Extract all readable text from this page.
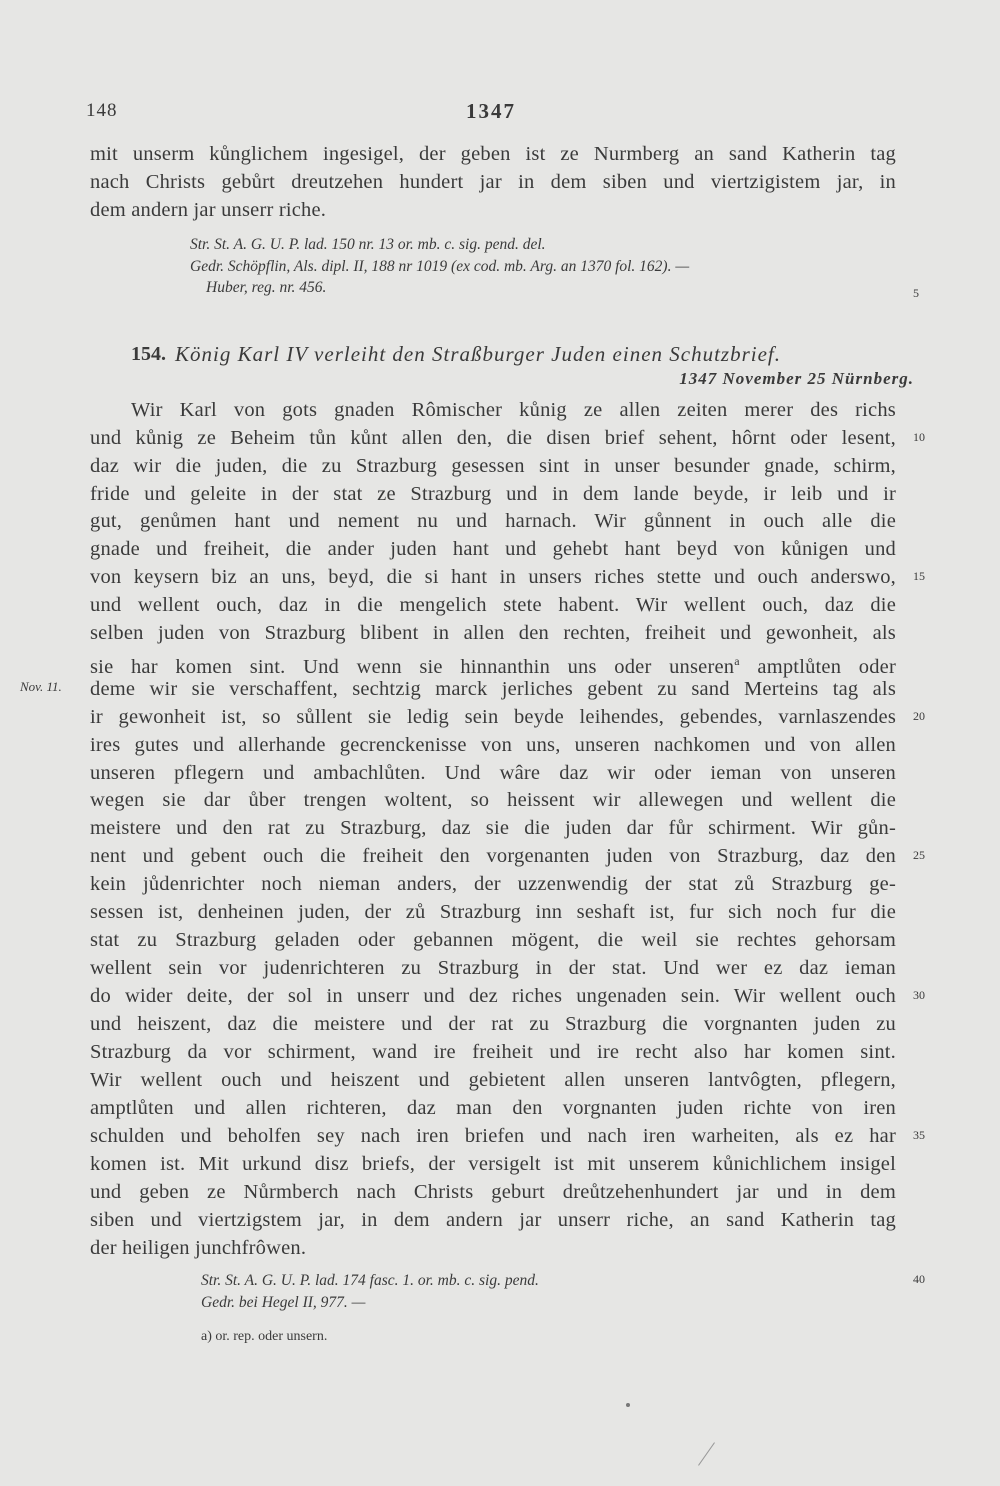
148	1347
mit unserm kůnglichem ingesigel, der geben ist ze Nurmberg an sand Katherin tag
nach Christs gebůrt dreutzehen hundert jar in dem siben und viertzigistem jar, in
dem andern jar unserr riche.
Str. St. A. G. U. P. lad. 150 nr. 13 or. mb. c. sig. pend. del.
Gedr. Schöpflin, Als. dipl. II, 188 nr 1019 (ex cod. mb. Arg. an 1370 fol. 162). —
Huber, reg. nr. 456.
154. König Karl IV verleiht den Straßburger Juden einen Schutzbrief.
1347 November 25 Nürnberg.
Wir Karl von gots gnaden Rômischer kůnig ze allen zeiten merer des richs
und kůnig ze Beheim tůn kůnt allen den, die disen brief sehent, hôrnt oder lesent,
daz wir die juden, die zu Strazburg gesessen sint in unser besunder gnade, schirm,
fride und geleite in der stat ze Strazburg und in dem lande beyde, ir leib und ir
gut, genůmen hant und nement nu und harnach. Wir gůnnent in ouch alle die
gnade und freiheit, die ander juden hant und gehebt hant beyd von kůnigen und
von keysern biz an uns, beyd, die si hant in unsers riches stette und ouch anderswo,
und wellent ouch, daz in die mengelich stete habent. Wir wellent ouch, daz die
selben juden von Strazburg blibent in allen den rechten, freiheit und gewonheit, als
sie har komen sint. Und wenn sie hinnanthin uns oder unseren$^a$ amptlůten oder
deme wir sie verschaffent, sechtzig marck jerliches gebent zu sand Merteins tag als
ir gewonheit ist, so sůllent sie ledig sein beyde leihendes, gebendes, varnlaszendes
ires gutes und allerhande gecrenckenisse von uns, unseren nachkomen und von allen
unseren pflegern und ambachlůten. Und wâre daz wir oder ieman von unseren
wegen sie dar ůber trengen woltent, so heissent wir allewegen und wellent die
meistere und den rat zu Strazburg, daz sie die juden dar fůr schirment. Wir gůn-
nent und gebent ouch die freiheit den vorgenanten juden von Strazburg, daz den
kein jůdenrichter noch nieman anders, der uzzenwendig der stat zů Strazburg ge-
sessen ist, denheinen juden, der zů Strazburg inn seshaft ist, fur sich noch fur die
stat zu Strazburg geladen oder gebannen mögent, die weil sie rechtes gehorsam
wellent sein vor judenrichteren zu Strazburg in der stat. Und wer ez daz ieman
do wider deite, der sol in unserr und dez riches ungenaden sein. Wir wellent ouch
und heiszent, daz die meistere und der rat zu Strazburg die vorgnanten juden zu
Strazburg da vor schirment, wand ire freiheit und ire recht also har komen sint.
Wir wellent ouch und heiszent und gebietent allen unseren lantvôgten, pflegern,
amptlůten und allen richteren, daz man den vorgnanten juden richte von iren
schulden und beholfen sey nach iren briefen und nach iren warheiten, als ez har
komen ist. Mit urkund disz briefs, der versigelt ist mit unserem kůnichlichem insigel
und geben ze Nůrmberch nach Christs geburt dreůtzehenhundert jar und in dem
siben und viertzigstem jar, in dem andern jar unserr riche, an sand Katherin tag
der heiligen junchfrôwen.
Str. St. A. G. U. P. lad. 174 fasc. 1. or. mb. c. sig. pend.
Gedr. bei Hegel II, 977. —
a) or. rep. oder unsern.
Nov. 11.
5
10
15
20
25
30
35
40
